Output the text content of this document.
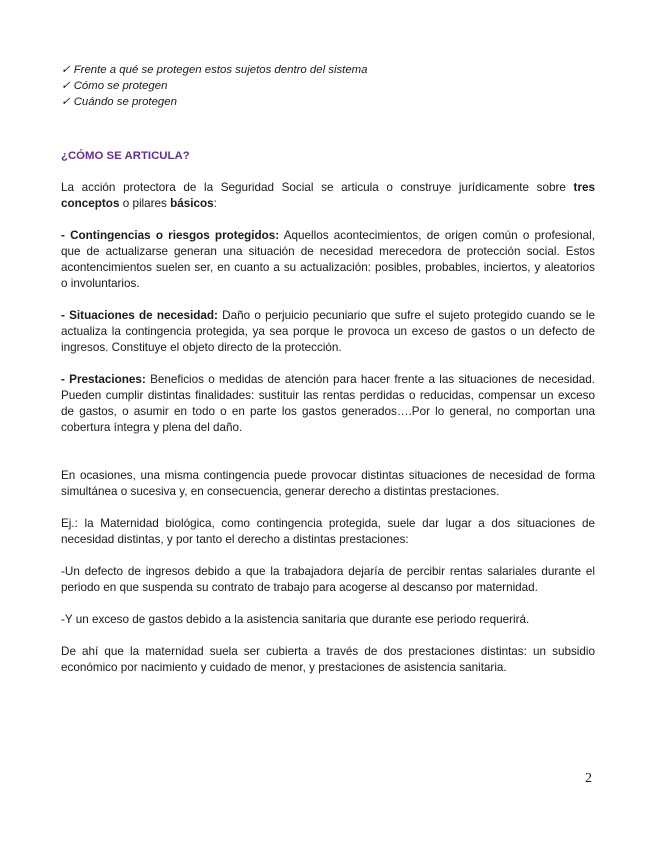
✓ Frente a qué se protegen estos sujetos dentro del sistema
✓ Cómo se protegen
✓ Cuándo se protegen
¿CÓMO SE ARTICULA?

La acción protectora de la Seguridad Social se articula o construye jurídicamente sobre tres conceptos o pilares básicos:

- Contingencias o riesgos protegidos: Aquellos acontecimientos, de origen común o profesional, que de actualizarse generan una situación de necesidad merecedora de protección social. Estos acontencimientos suelen ser, en cuanto a su actualización: posibles, probables, inciertos, y aleatorios o involuntarios.

- Situaciones de necesidad: Daño o perjuicio pecuniario que sufre el sujeto protegido cuando se le actualiza la contingencia protegida, ya sea porque le provoca un exceso de gastos o un defecto de ingresos. Constituye el objeto directo de la protección.

- Prestaciones: Beneficios o medidas de atención para hacer frente a las situaciones de necesidad. Pueden cumplir distintas finalidades: sustituir las rentas perdidas o reducidas, compensar un exceso de gastos, o asumir en todo o en parte los gastos generados….Por lo general, no comportan una cobertura íntegra y plena del daño.

En ocasiones, una misma contingencia puede provocar distintas situaciones de necesidad de forma simultánea o sucesiva y, en consecuencia, generar derecho a distintas prestaciones.

Ej.: la Maternidad biológica, como contingencia protegida, suele dar lugar a dos situaciones de necesidad distintas, y por tanto el derecho a distintas prestaciones:

-Un defecto de ingresos debido a que la trabajadora dejaría de percibir rentas salariales durante el periodo en que suspenda su contrato de trabajo para acogerse al descanso por maternidad.

-Y un exceso de gastos debido a la asistencia sanitaria que durante ese periodo requerirá.

De ahí que la maternidad suela ser cubierta a través de dos prestaciones distintas: un subsidio económico por nacimiento y cuidado de menor, y prestaciones de asistencia sanitaria.

2
